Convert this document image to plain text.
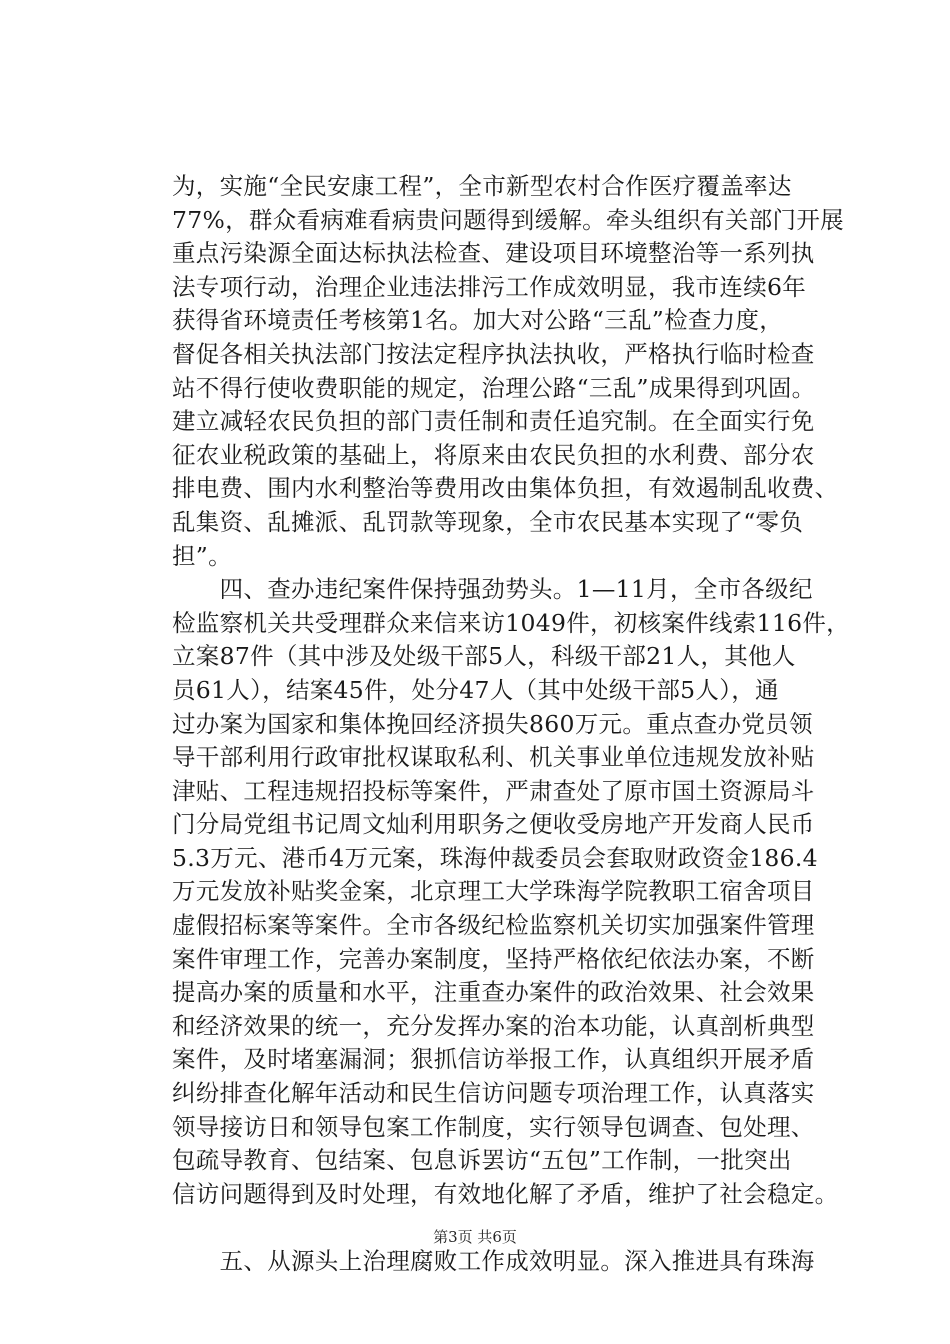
为，实施“全民安康工程”，全市新型农村合作医疗覆盖率达
77%，群众看病难看病贵问题得到缓解。牵头组织有关部门开展
重点污染源全面达标执法检查、建设项目环境整治等一系列执
法专项行动，治理企业违法排污工作成效明显，我市连续6年
获得省环境责任考核第1名。加大对公路“三乱”检查力度，
督促各相关执法部门按法定程序执法执收，严格执行临时检查
站不得行使收费职能的规定，治理公路“三乱”成果得到巩固。
建立减轻农民负担的部门责任制和责任追究制。在全面实行免
征农业税政策的基础上，将原来由农民负担的水利费、部分农
排电费、围内水利整治等费用改由集体负担，有效遏制乱收费、
乱集资、乱摊派、乱罚款等现象，全市农民基本实现了“零负
担”。
　　四、查办违纪案件保持强劲势头。1—11月，全市各级纪
检监察机关共受理群众来信来访1049件，初核案件线索116件，
立案87件（其中涉及处级干部5人，科级干部21人，其他人
员61人），结案45件，处分47人（其中处级干部5人），通
过办案为国家和集体挽回经济损失860万元。重点查办党员领
导干部利用行政审批权谋取私利、机关事业单位违规发放补贴
津贴、工程违规招投标等案件，严肃查处了原市国土资源局斗
门分局党组书记周文灿利用职务之便收受房地产开发商人民币
5.3万元、港币4万元案，珠海仲裁委员会套取财政资金186.4
万元发放补贴奖金案，北京理工大学珠海学院教职工宿舍项目
虚假招标案等案件。全市各级纪检监察机关切实加强案件管理
案件审理工作，完善办案制度，坚持严格依纪依法办案，不断
提高办案的质量和水平，注重查办案件的政治效果、社会效果
和经济效果的统一，充分发挥办案的治本功能，认真剖析典型
案件，及时堵塞漏洞；狠抓信访举报工作，认真组织开展矛盾
纠纷排查化解年活动和民生信访问题专项治理工作，认真落实
领导接访日和领导包案工作制度，实行领导包调查、包处理、
包疏导教育、包结案、包息诉罢访“五包”工作制，一批突出
信访问题得到及时处理，有效地化解了矛盾，维护了社会稳定。
　　五、从源头上治理腐败工作成效明显。深入推进具有珠海
第3页 共6页
